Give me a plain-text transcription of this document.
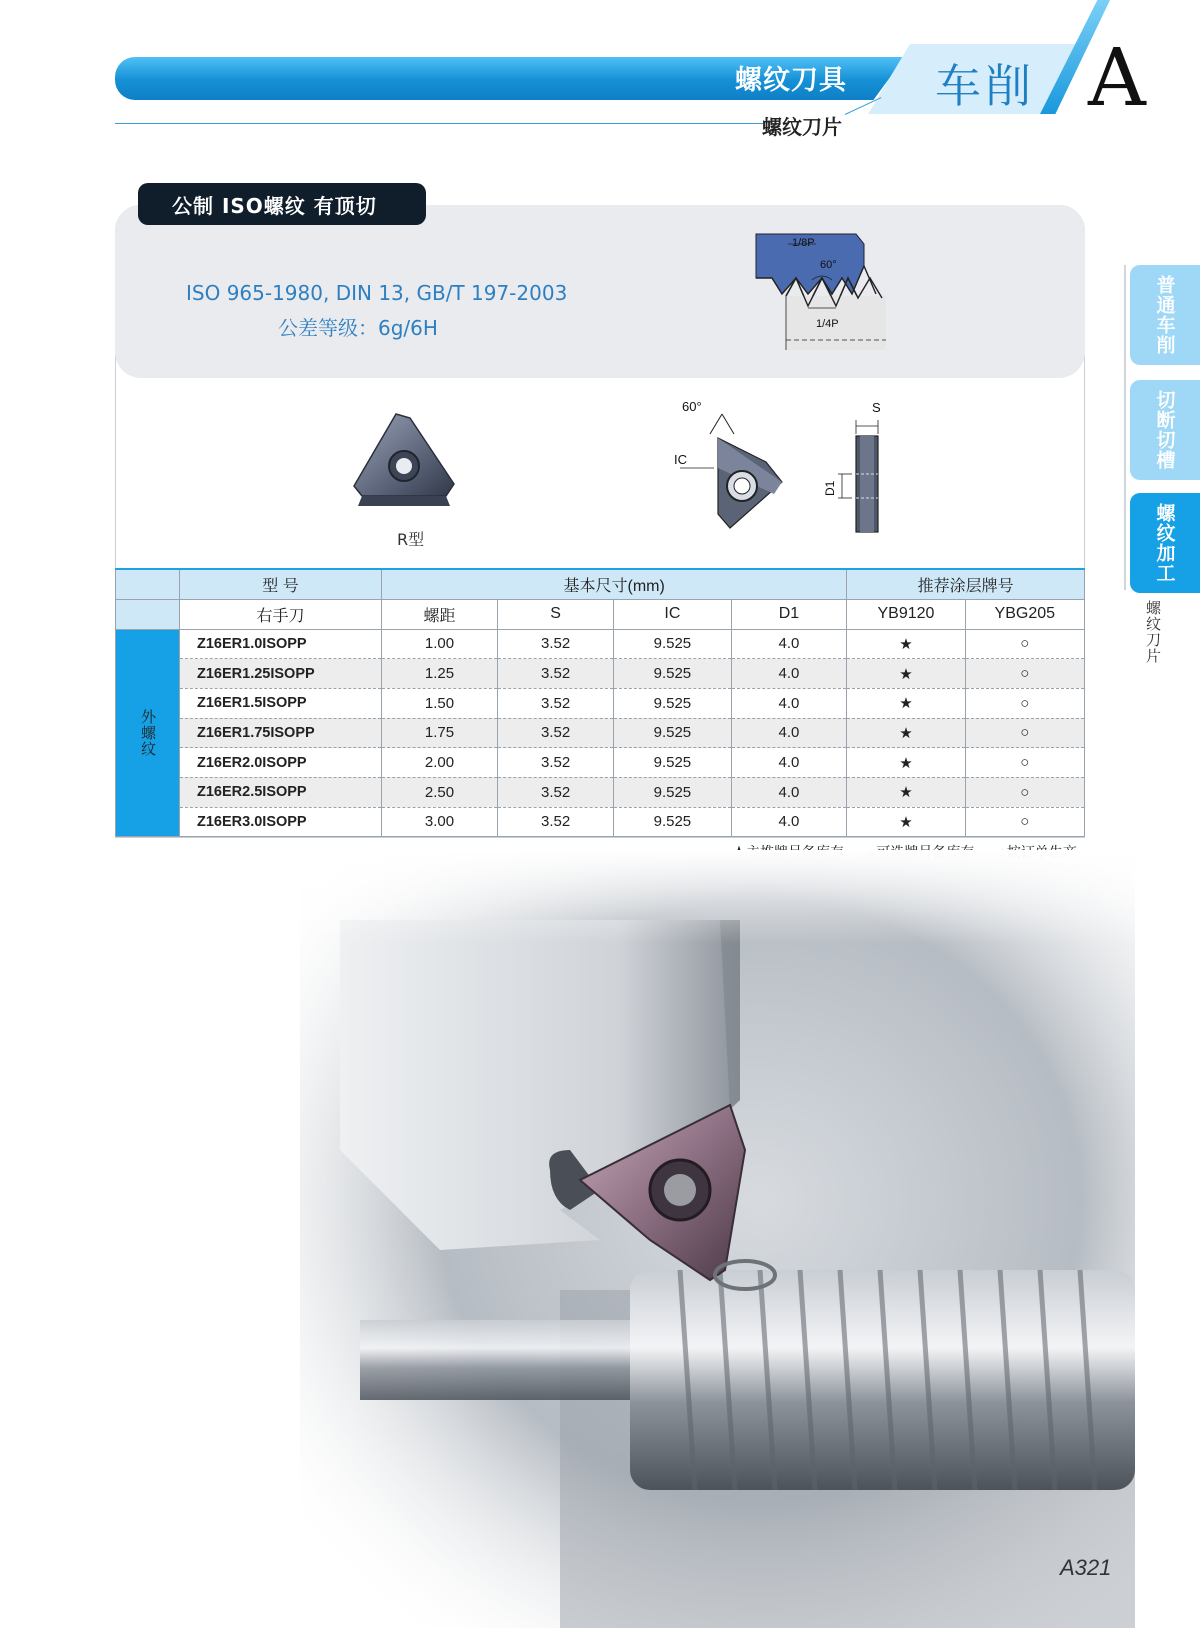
螺纹刀具 车削 A
螺纹刀片
普通车削
切断切槽
螺纹加工
螺纹刀片
公制 ISO螺纹 有顶切
ISO 965-1980, DIN 13, GB/T 197-2003
公差等级：6g/6H
1/8P
60°
1/4P
R型
60°
IC
S
D1
	型 号	基本尺寸(mm)				推荐涂层牌号	
	右手刀	螺距	S	IC	D1	YB9120	YBG205
外螺纹	Z16ER1.0ISOPP	1.00	3.52	9.525	4.0	★	○
	Z16ER1.25ISOPP	1.25	3.52	9.525	4.0	★	○
	Z16ER1.5ISOPP	1.50	3.52	9.525	4.0	★	○
	Z16ER1.75ISOPP	1.75	3.52	9.525	4.0	★	○
	Z16ER2.0ISOPP	2.00	3.52	9.525	4.0	★	○
	Z16ER2.5ISOPP	2.50	3.52	9.525	4.0	★	○
	Z16ER3.0ISOPP	3.00	3.52	9.525	4.0	★	○
A321
